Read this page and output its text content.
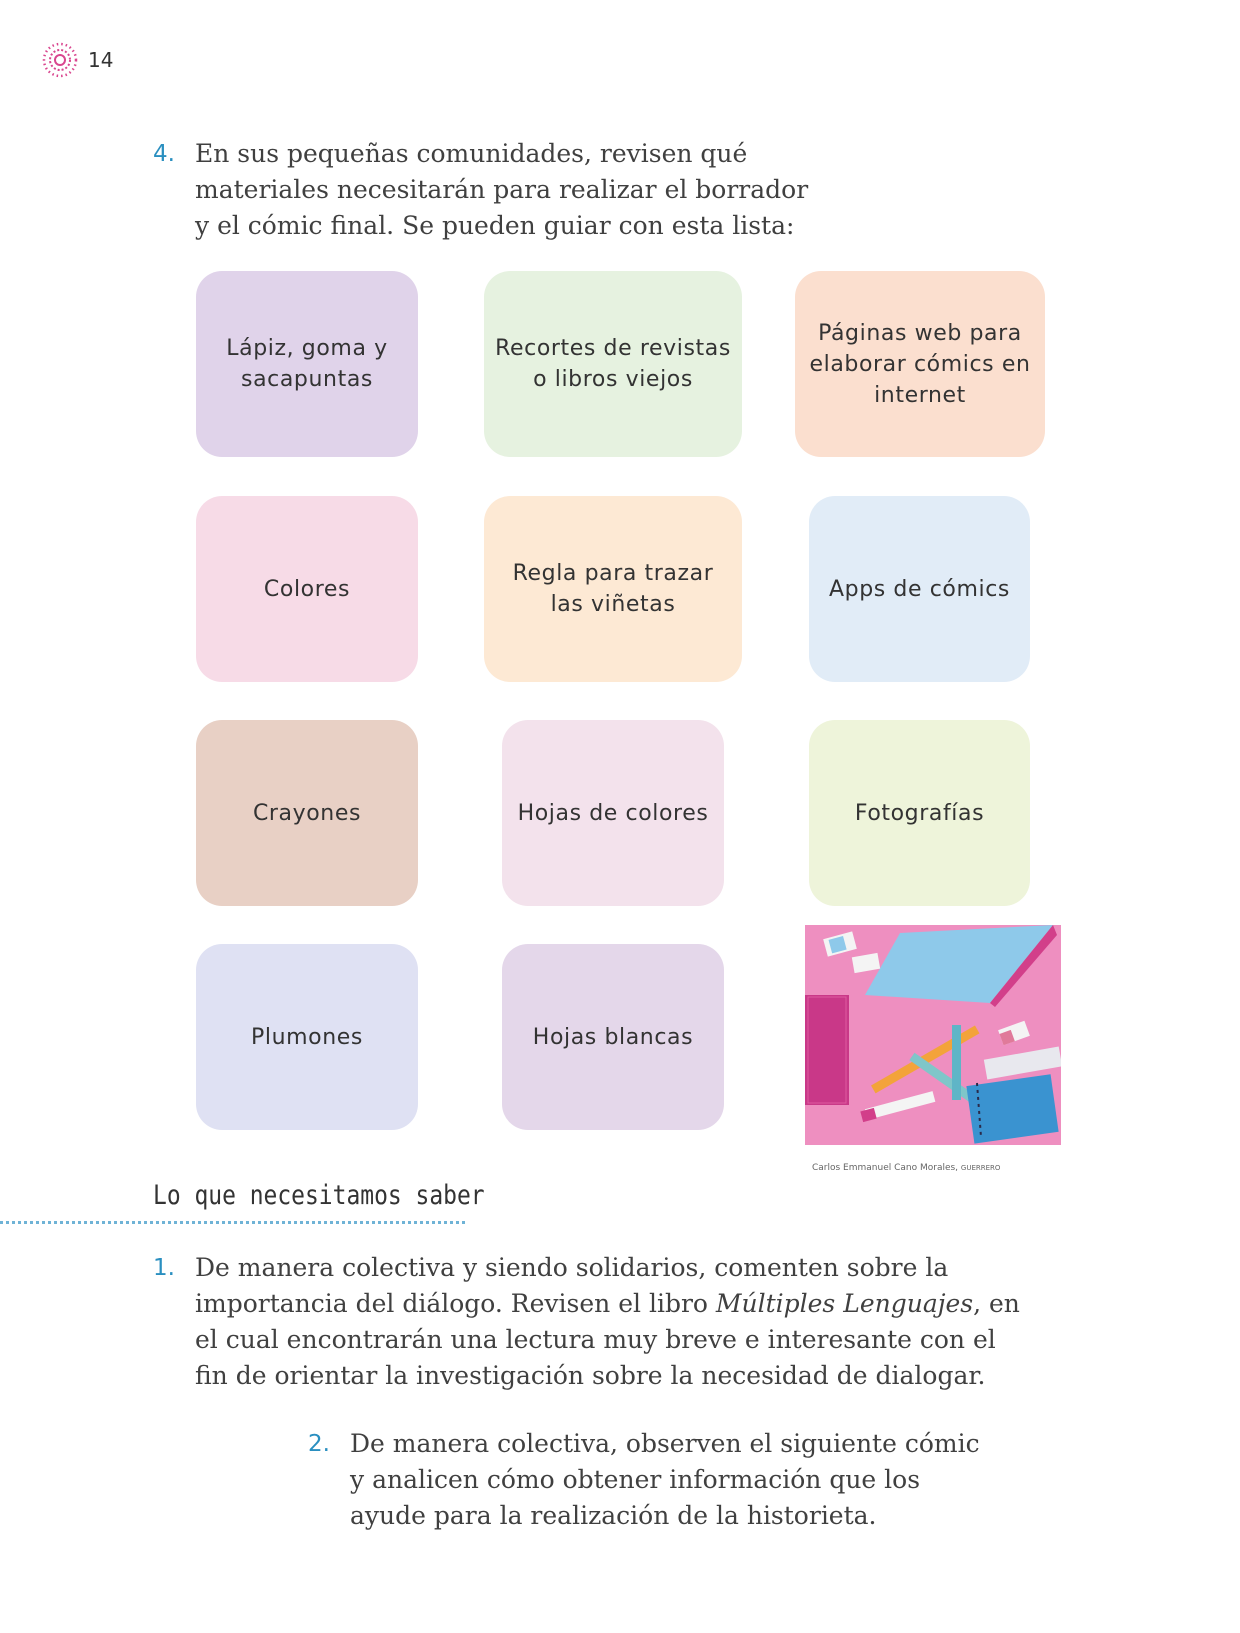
14
4. En sus pequeñas comunidades, revisen qué

materiales necesitarán para realizar el borrador

y el cómic final. Se pueden guiar con esta lista:

Lápiz, goma y
sacapuntas
Recortes de revistas
o libros viejos
Páginas web para
elaborar cómics en
internet
Colores
Regla para trazar
las viñetas
Apps de cómics
Crayones	Hojas de colores	Fotografías
Plumones	Hojas blancas
Carlos Emmanuel Cano Morales, GUERRERO
Lo que necesitamos saber
1. De manera colectiva y siendo solidarios, comenten sobre la

importancia del diálogo. Revisen el libro Múltiples Lenguajes, en

el cual encontrarán una lectura muy breve e interesante con el

fin de orientar la investigación sobre la necesidad de dialogar.

2. De manera colectiva, observen el siguiente cómic

y analicen cómo obtener información que los

ayude para la realización de la historieta.
